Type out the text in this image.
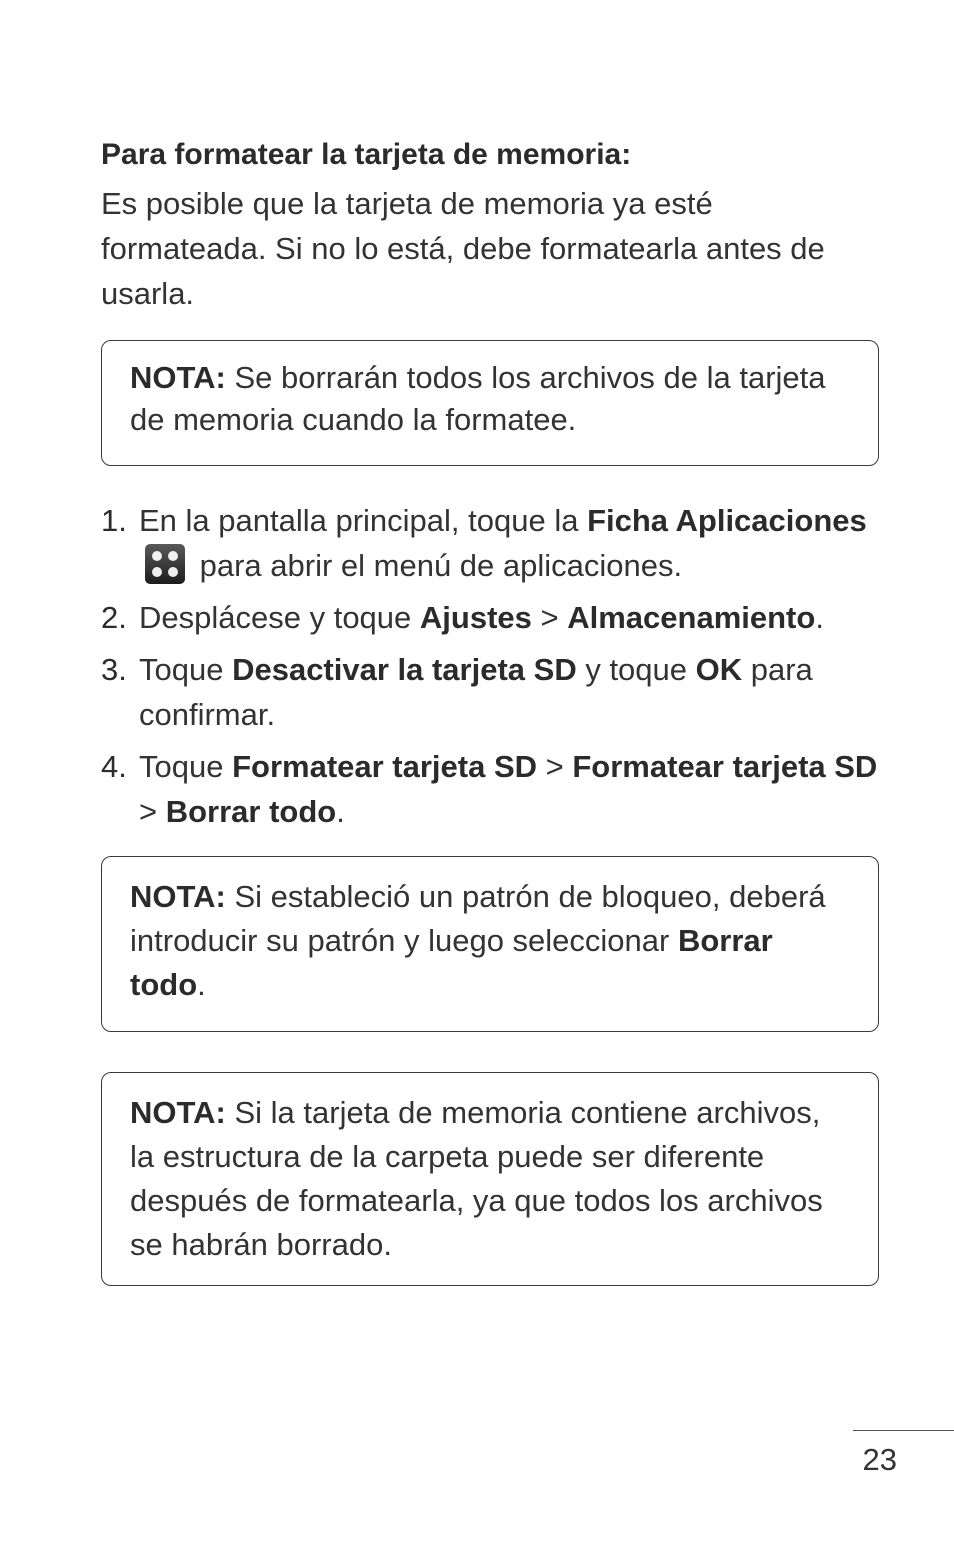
Para formatear la tarjeta de memoria:

Es posible que la tarjeta de memoria ya esté formateada. Si no lo está, debe formatearla antes de usarla.

NOTA: Se borrarán todos los archivos de la tarjeta de memoria cuando la formatee.
1. En la pantalla principal, toque la Ficha Aplicaciones
para abrir el menú de aplicaciones.
2. Desplácese y toque Ajustes > Almacenamiento.
3. Toque Desactivar la tarjeta SD y toque OK para confirmar.
4. Toque Formatear tarjeta SD > Formatear tarjeta SD > Borrar todo.
NOTA: Si estableció un patrón de bloqueo, deberá introducir su patrón y luego seleccionar Borrar todo.
NOTA: Si la tarjeta de memoria contiene archivos, la estructura de la carpeta puede ser diferente después de formatearla, ya que todos los archivos se habrán borrado.
23
